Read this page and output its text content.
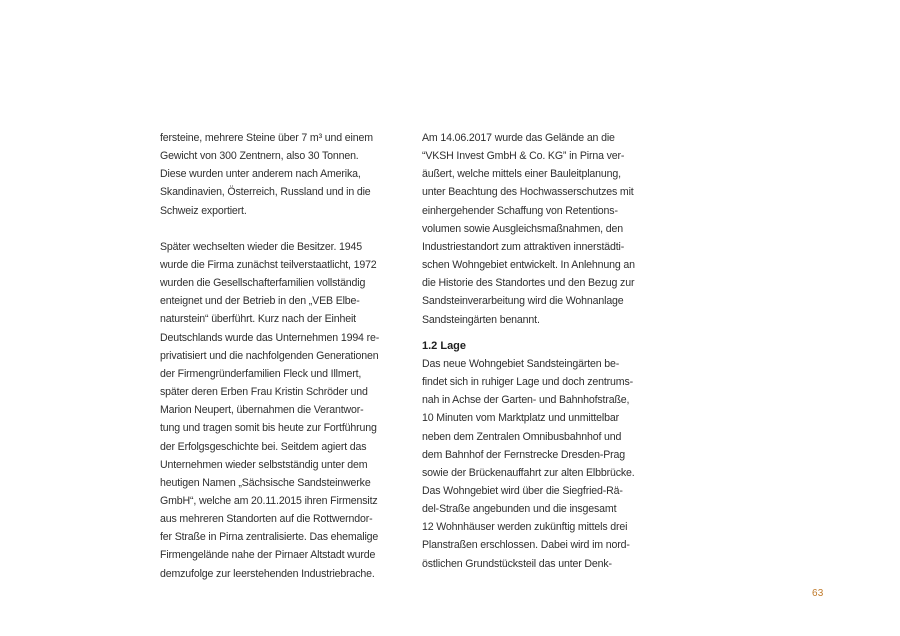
fersteine, mehrere Steine über 7 m³ und einem
Gewicht von 300 Zentnern, also 30 Tonnen.
Diese wurden unter anderem nach Amerika,
Skandinavien, Österreich, Russland und in die
Schweiz exportiert.
Später wechselten wieder die Besitzer. 1945
wurde die Firma zunächst teilverstaatlicht, 1972
wurden die Gesellschafterfamilien vollständig
enteignet und der Betrieb in den „VEB Elbe-
naturstein“ überführt. Kurz nach der Einheit
Deutschlands wurde das Unternehmen 1994 re-
privatisiert und die nachfolgenden Generationen
der Firmengründerfamilien Fleck und Illmert,
später deren Erben Frau Kristin Schröder und
Marion Neupert, übernahmen die Verantwor-
tung und tragen somit bis heute zur Fortführung
der Erfolgsgeschichte bei. Seitdem agiert das
Unternehmen wieder selbstständig unter dem
heutigen Namen „Sächsische Sandsteinwerke
GmbH“, welche am 20.11.2015 ihren Firmensitz
aus mehreren Standorten auf die Rottwerndor-
fer Straße in Pirna zentralisierte. Das ehemalige
Firmengelände nahe der Pirnaer Altstadt wurde
demzufolge zur leerstehenden Industriebrache.
Am 14.06.2017 wurde das Gelände an die
“VKSH Invest GmbH & Co. KG” in Pirna ver-
äußert, welche mittels einer Bauleitplanung,
unter Beachtung des Hochwasserschutzes mit
einhergehender Schaffung von Retentions-
volumen sowie Ausgleichsmaßnahmen, den
Industriestandort zum attraktiven innerstädti-
schen Wohngebiet entwickelt. In Anlehnung an
die Historie des Standortes und den Bezug zur
Sandsteinverarbeitung wird die Wohnanlage
Sandsteingärten benannt.
1.2 Lage
Das neue Wohngebiet Sandsteingärten be-
findet sich in ruhiger Lage und doch zentrums-
nah in Achse der Garten- und Bahnhofstraße,
10 Minuten vom Marktplatz und unmittelbar
neben dem Zentralen Omnibusbahnhof und
dem Bahnhof der Fernstrecke Dresden-Prag
sowie der Brückenauffahrt zur alten Elbbrücke.
Das Wohngebiet wird über die Siegfried-Rä-
del-Straße angebunden und die insgesamt
12 Wohnhäuser werden zukünftig mittels drei
Planstraßen erschlossen. Dabei wird im nord-
östlichen Grundstücksteil das unter Denk-
63
